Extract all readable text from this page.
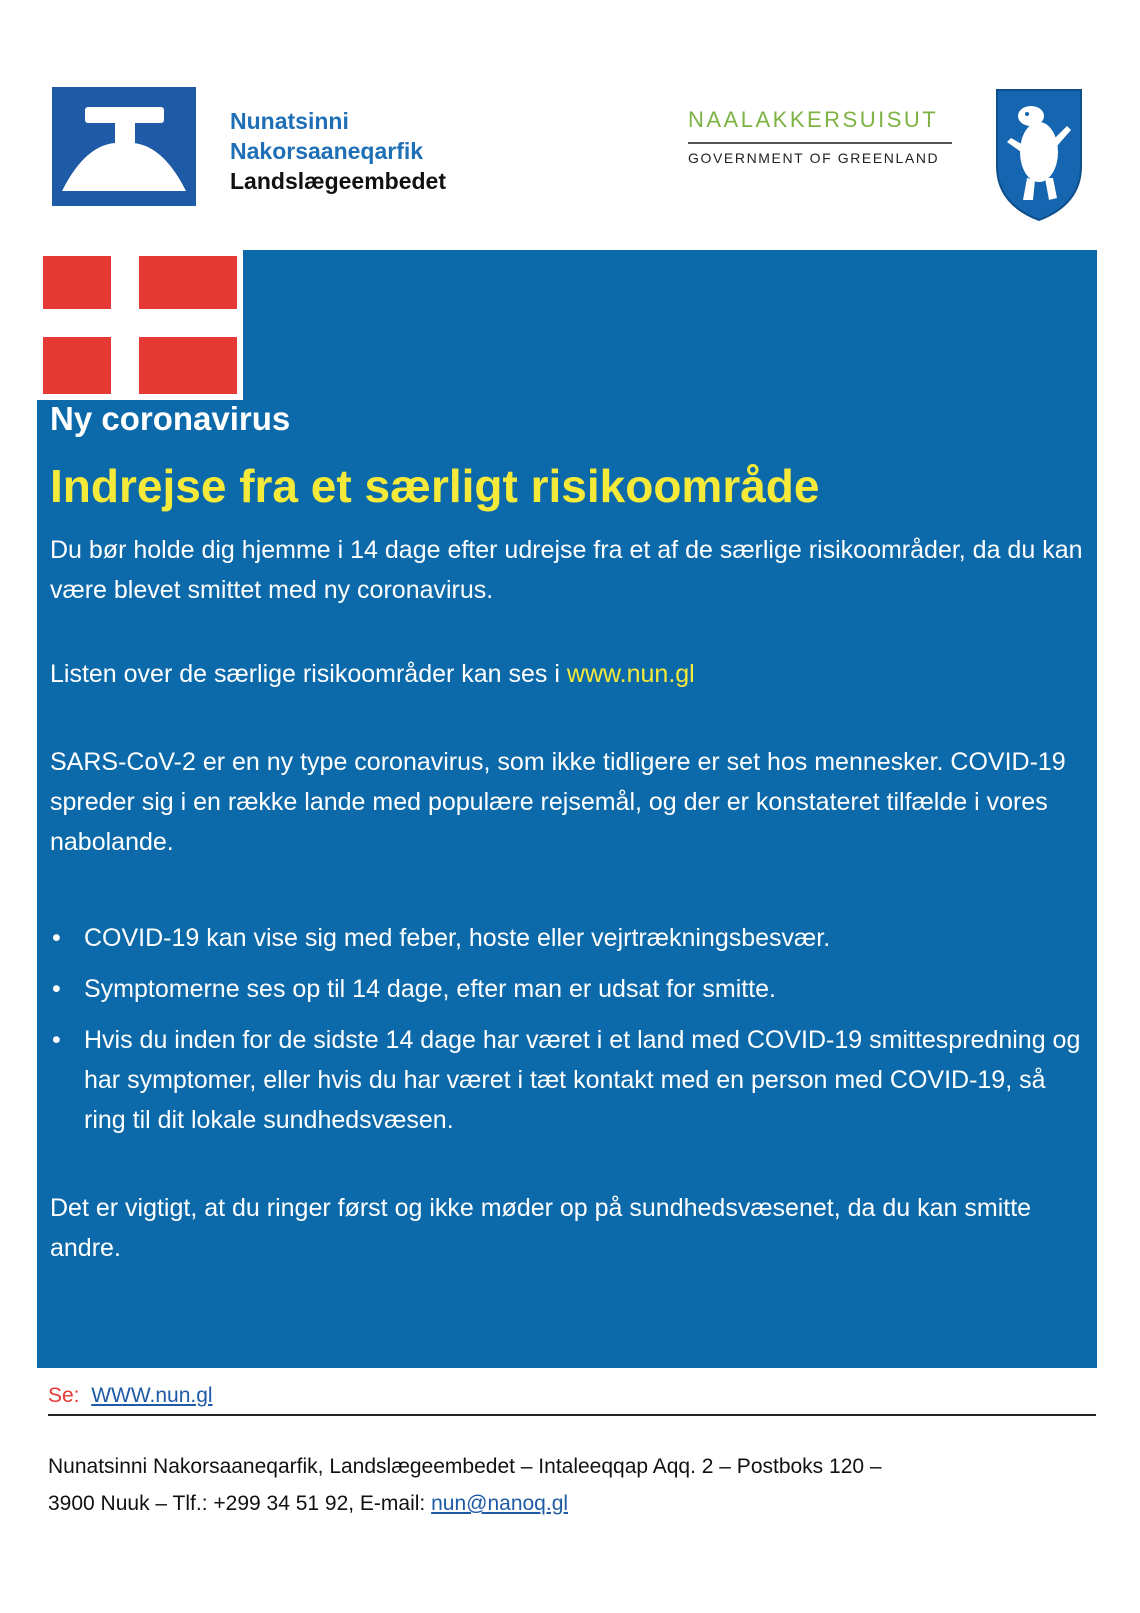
Nunatsinni
Nakorsaaneqarfik
Landslægeembedet
NAALAKKERSUISUT
GOVERNMENT OF GREENLAND
Ny coronavirus
Indrejse fra et særligt risikoområde
Du bør holde dig hjemme i 14 dage efter udrejse fra et af de særlige risikoområder, da du kan være blevet smittet med ny coronavirus.
Listen over de særlige risikoområder kan ses i www.nun.gl
SARS-CoV-2 er en ny type coronavirus, som ikke tidligere er set hos mennesker. COVID-19 spreder sig i en række lande med populære rejsemål, og der er konstateret tilfælde i vores nabolande.
• COVID-19 kan vise sig med feber, hoste eller vejrtrækningsbesvær.
• Symptomerne ses op til 14 dage, efter man er udsat for smitte.
• Hvis du inden for de sidste 14 dage har været i et land med COVID-19 smittespredning og har symptomer, eller hvis du har været i tæt kontakt med en person med COVID-19, så ring til dit lokale sundhedsvæsen.
Det er vigtigt, at du ringer først og ikke møder op på sundhedsvæsenet, da du kan smitte andre.
Se: WWW.nun.gl
Nunatsinni Nakorsaaneqarfik, Landslægeembedet – Intaleeqqap Aqq. 2 – Postboks 120 –
3900 Nuuk – Tlf.: +299 34 51 92, E-mail: nun@nanoq.gl
